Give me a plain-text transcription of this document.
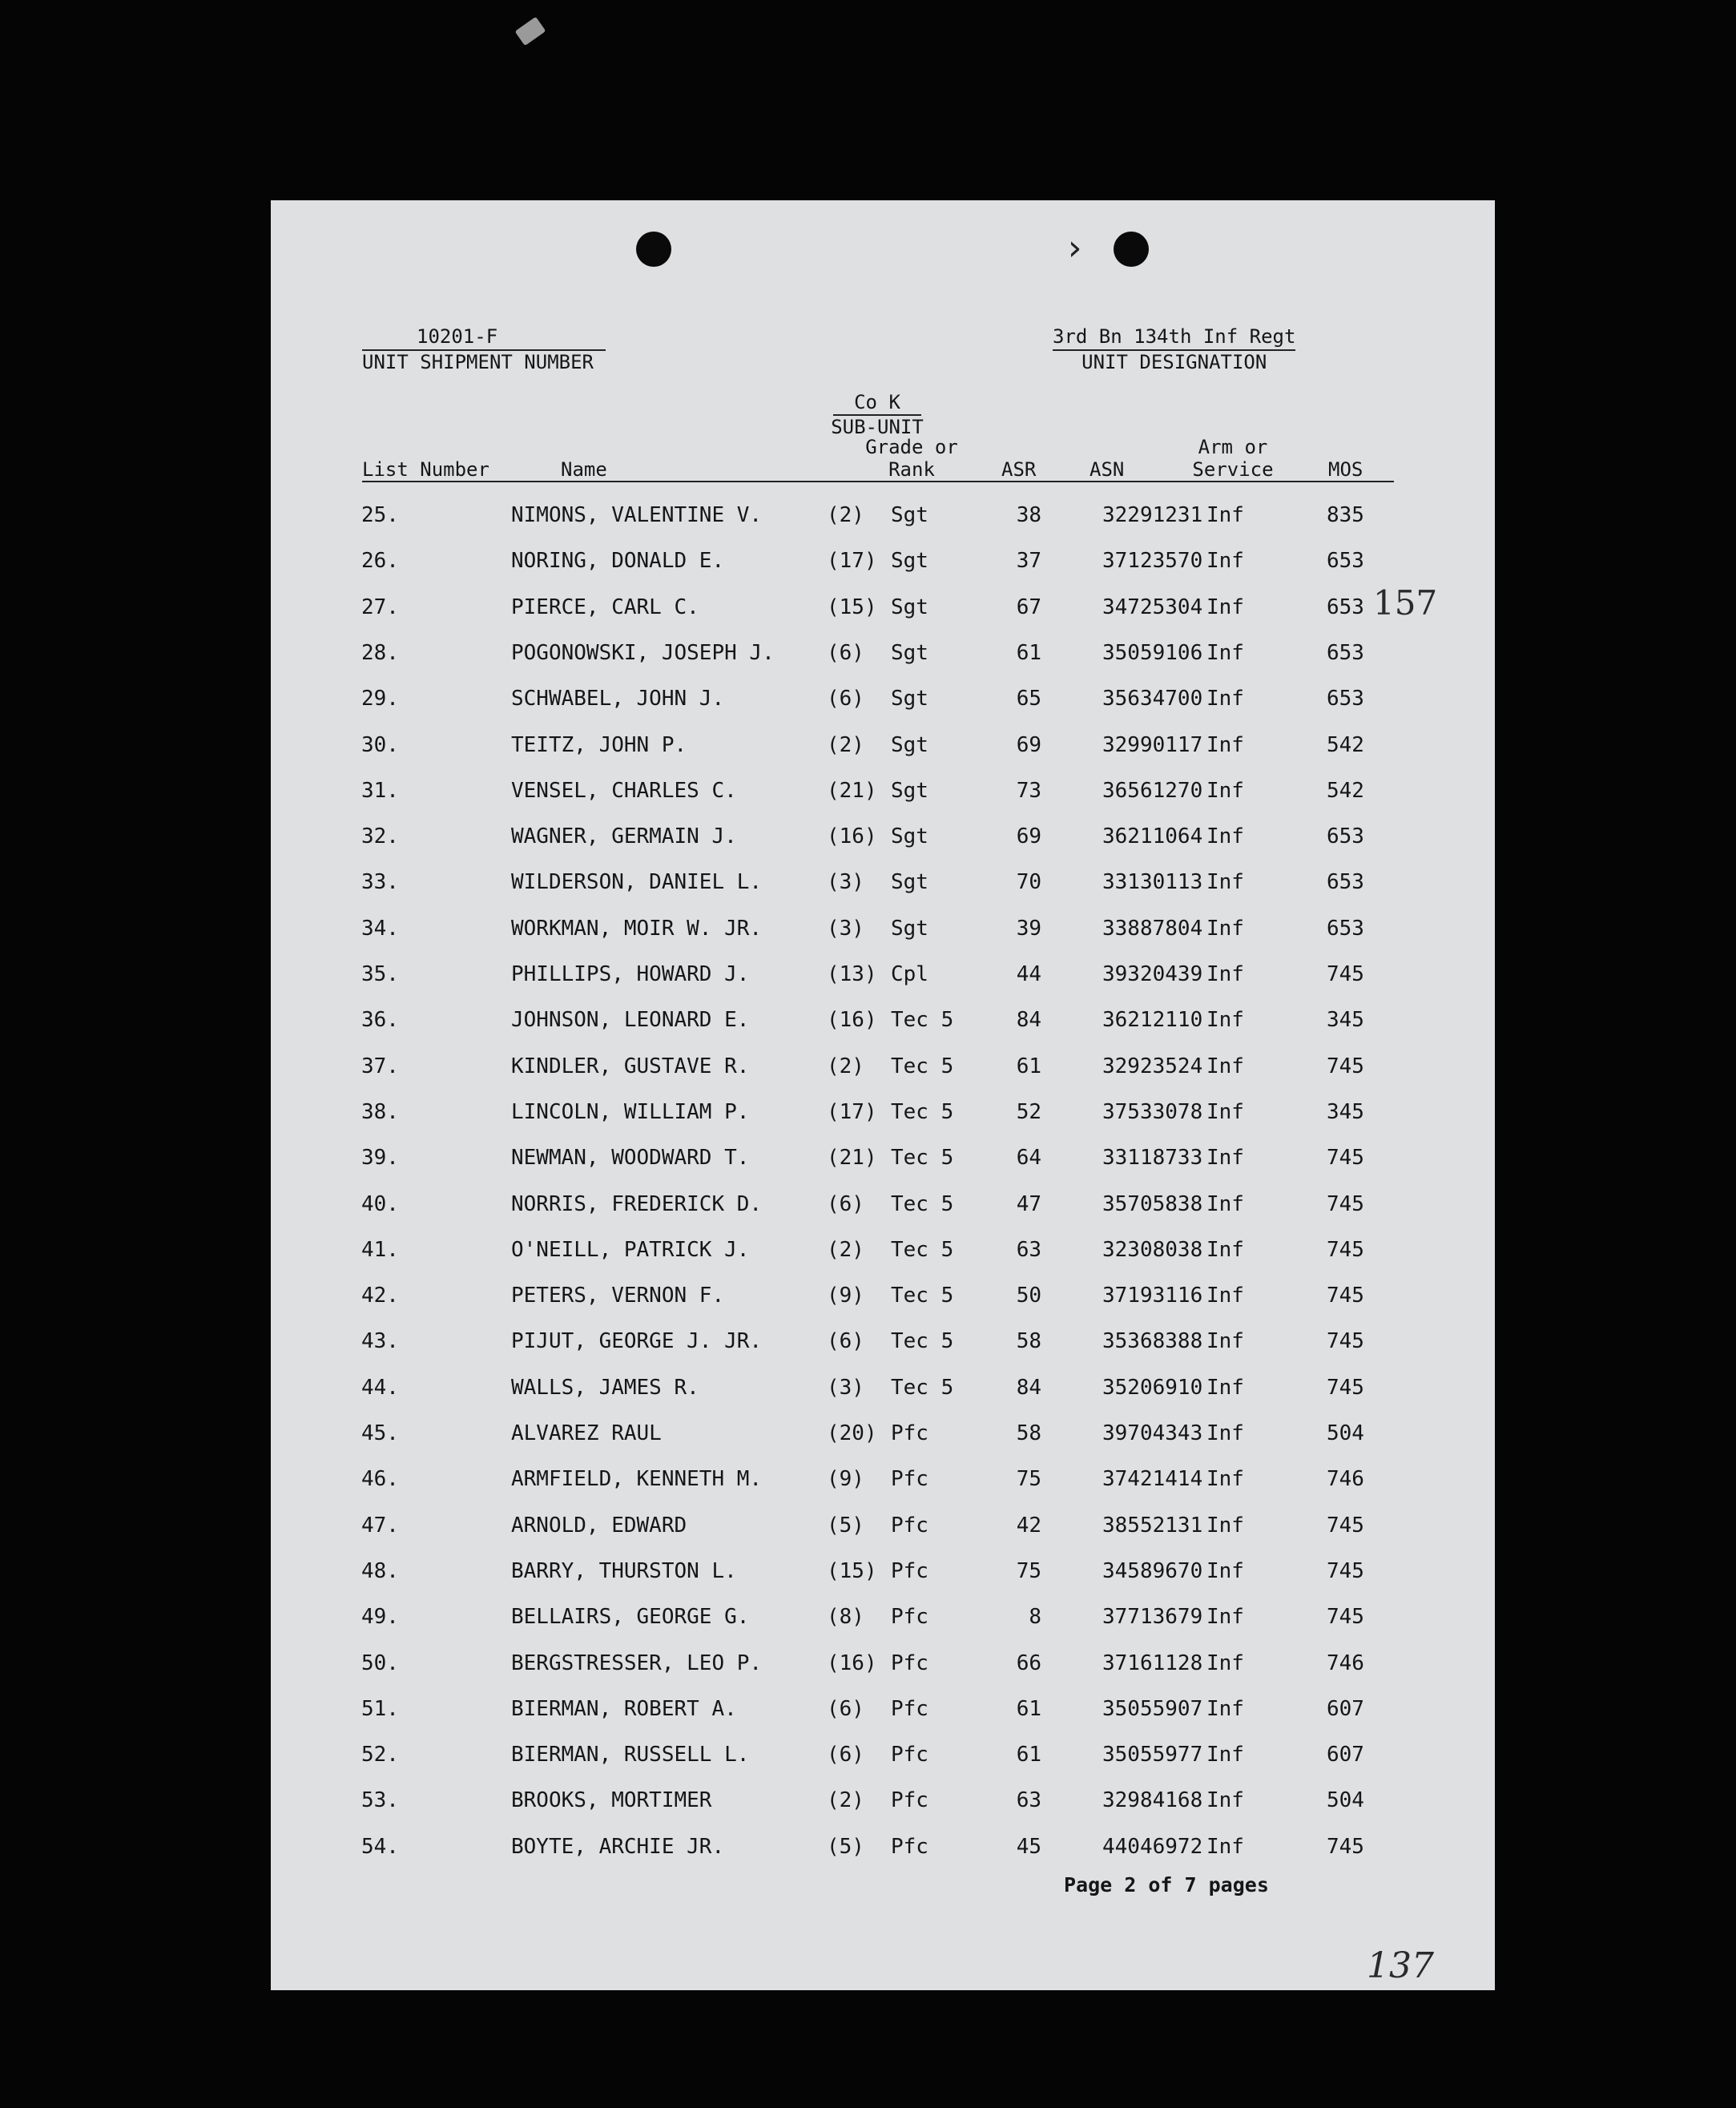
›
10201-F
UNIT SHIPMENT NUMBER
3rd Bn 134th Inf Regt
UNIT DESIGNATION
Co K
SUB-UNIT
List Number	Name
Grade or
Rank	ASR	ASN
Arm or
Service	MOS
25.	NIMONS, VALENTINE V.	(2) Sgt	38	32291231 Inf	835
26.	NORING, DONALD E.	(17) Sgt	37	37123570 Inf	653
27.	PIERCE, CARL C.	(15) Sgt	67	34725304 Inf	653
28.	POGONOWSKI, JOSEPH J.	(6) Sgt	61	35059106 Inf	653
29.	SCHWABEL, JOHN J.	(6) Sgt	65	35634700 Inf	653
30.	TEITZ, JOHN P.	(2) Sgt	69	32990117 Inf	542
31.	VENSEL, CHARLES C.	(21) Sgt	73	36561270 Inf	542
32.	WAGNER, GERMAIN J.	(16) Sgt	69	36211064 Inf	653
33.	WILDERSON, DANIEL L.	(3) Sgt	70	33130113 Inf	653
34.	WORKMAN, MOIR W. JR.	(3) Sgt	39	33887804 Inf	653
35.	PHILLIPS, HOWARD J.	(13) Cpl	44	39320439 Inf	745
36.	JOHNSON, LEONARD E.	(16) Tec 5	84	36212110 Inf	345
37.	KINDLER, GUSTAVE R.	(2) Tec 5	61	32923524 Inf	745
38.	LINCOLN, WILLIAM P.	(17) Tec 5	52	37533078 Inf	345
39.	NEWMAN, WOODWARD T.	(21) Tec 5	64	33118733 Inf	745
40.	NORRIS, FREDERICK D.	(6) Tec 5	47	35705838 Inf	745
41.	O'NEILL, PATRICK J.	(2) Tec 5	63	32308038 Inf	745
42.	PETERS, VERNON F.	(9) Tec 5	50	37193116 Inf	745
43.	PIJUT, GEORGE J. JR.	(6) Tec 5	58	35368388 Inf	745
44.	WALLS, JAMES R.	(3) Tec 5	84	35206910 Inf	745
45.	ALVAREZ RAUL	(20) Pfc	58	39704343 Inf	504
46.	ARMFIELD, KENNETH M.	(9) Pfc	75	37421414 Inf	746
47.	ARNOLD, EDWARD	(5) Pfc	42	38552131 Inf	745
48.	BARRY, THURSTON L.	(15) Pfc	75	34589670 Inf	745
49.	BELLAIRS, GEORGE G.	(8) Pfc	8	37713679 Inf	745
50.	BERGSTRESSER, LEO P.	(16) Pfc	66	37161128 Inf	746
51.	BIERMAN, ROBERT A.	(6) Pfc	61	35055907 Inf	607
52.	BIERMAN, RUSSELL L.	(6) Pfc	61	35055977 Inf	607
53.	BROOKS, MORTIMER	(2) Pfc	63	32984168 Inf	504
54.	BOYTE, ARCHIE JR.	(5) Pfc	45	44046972 Inf	745
Page 2 of 7 pages
157
137
